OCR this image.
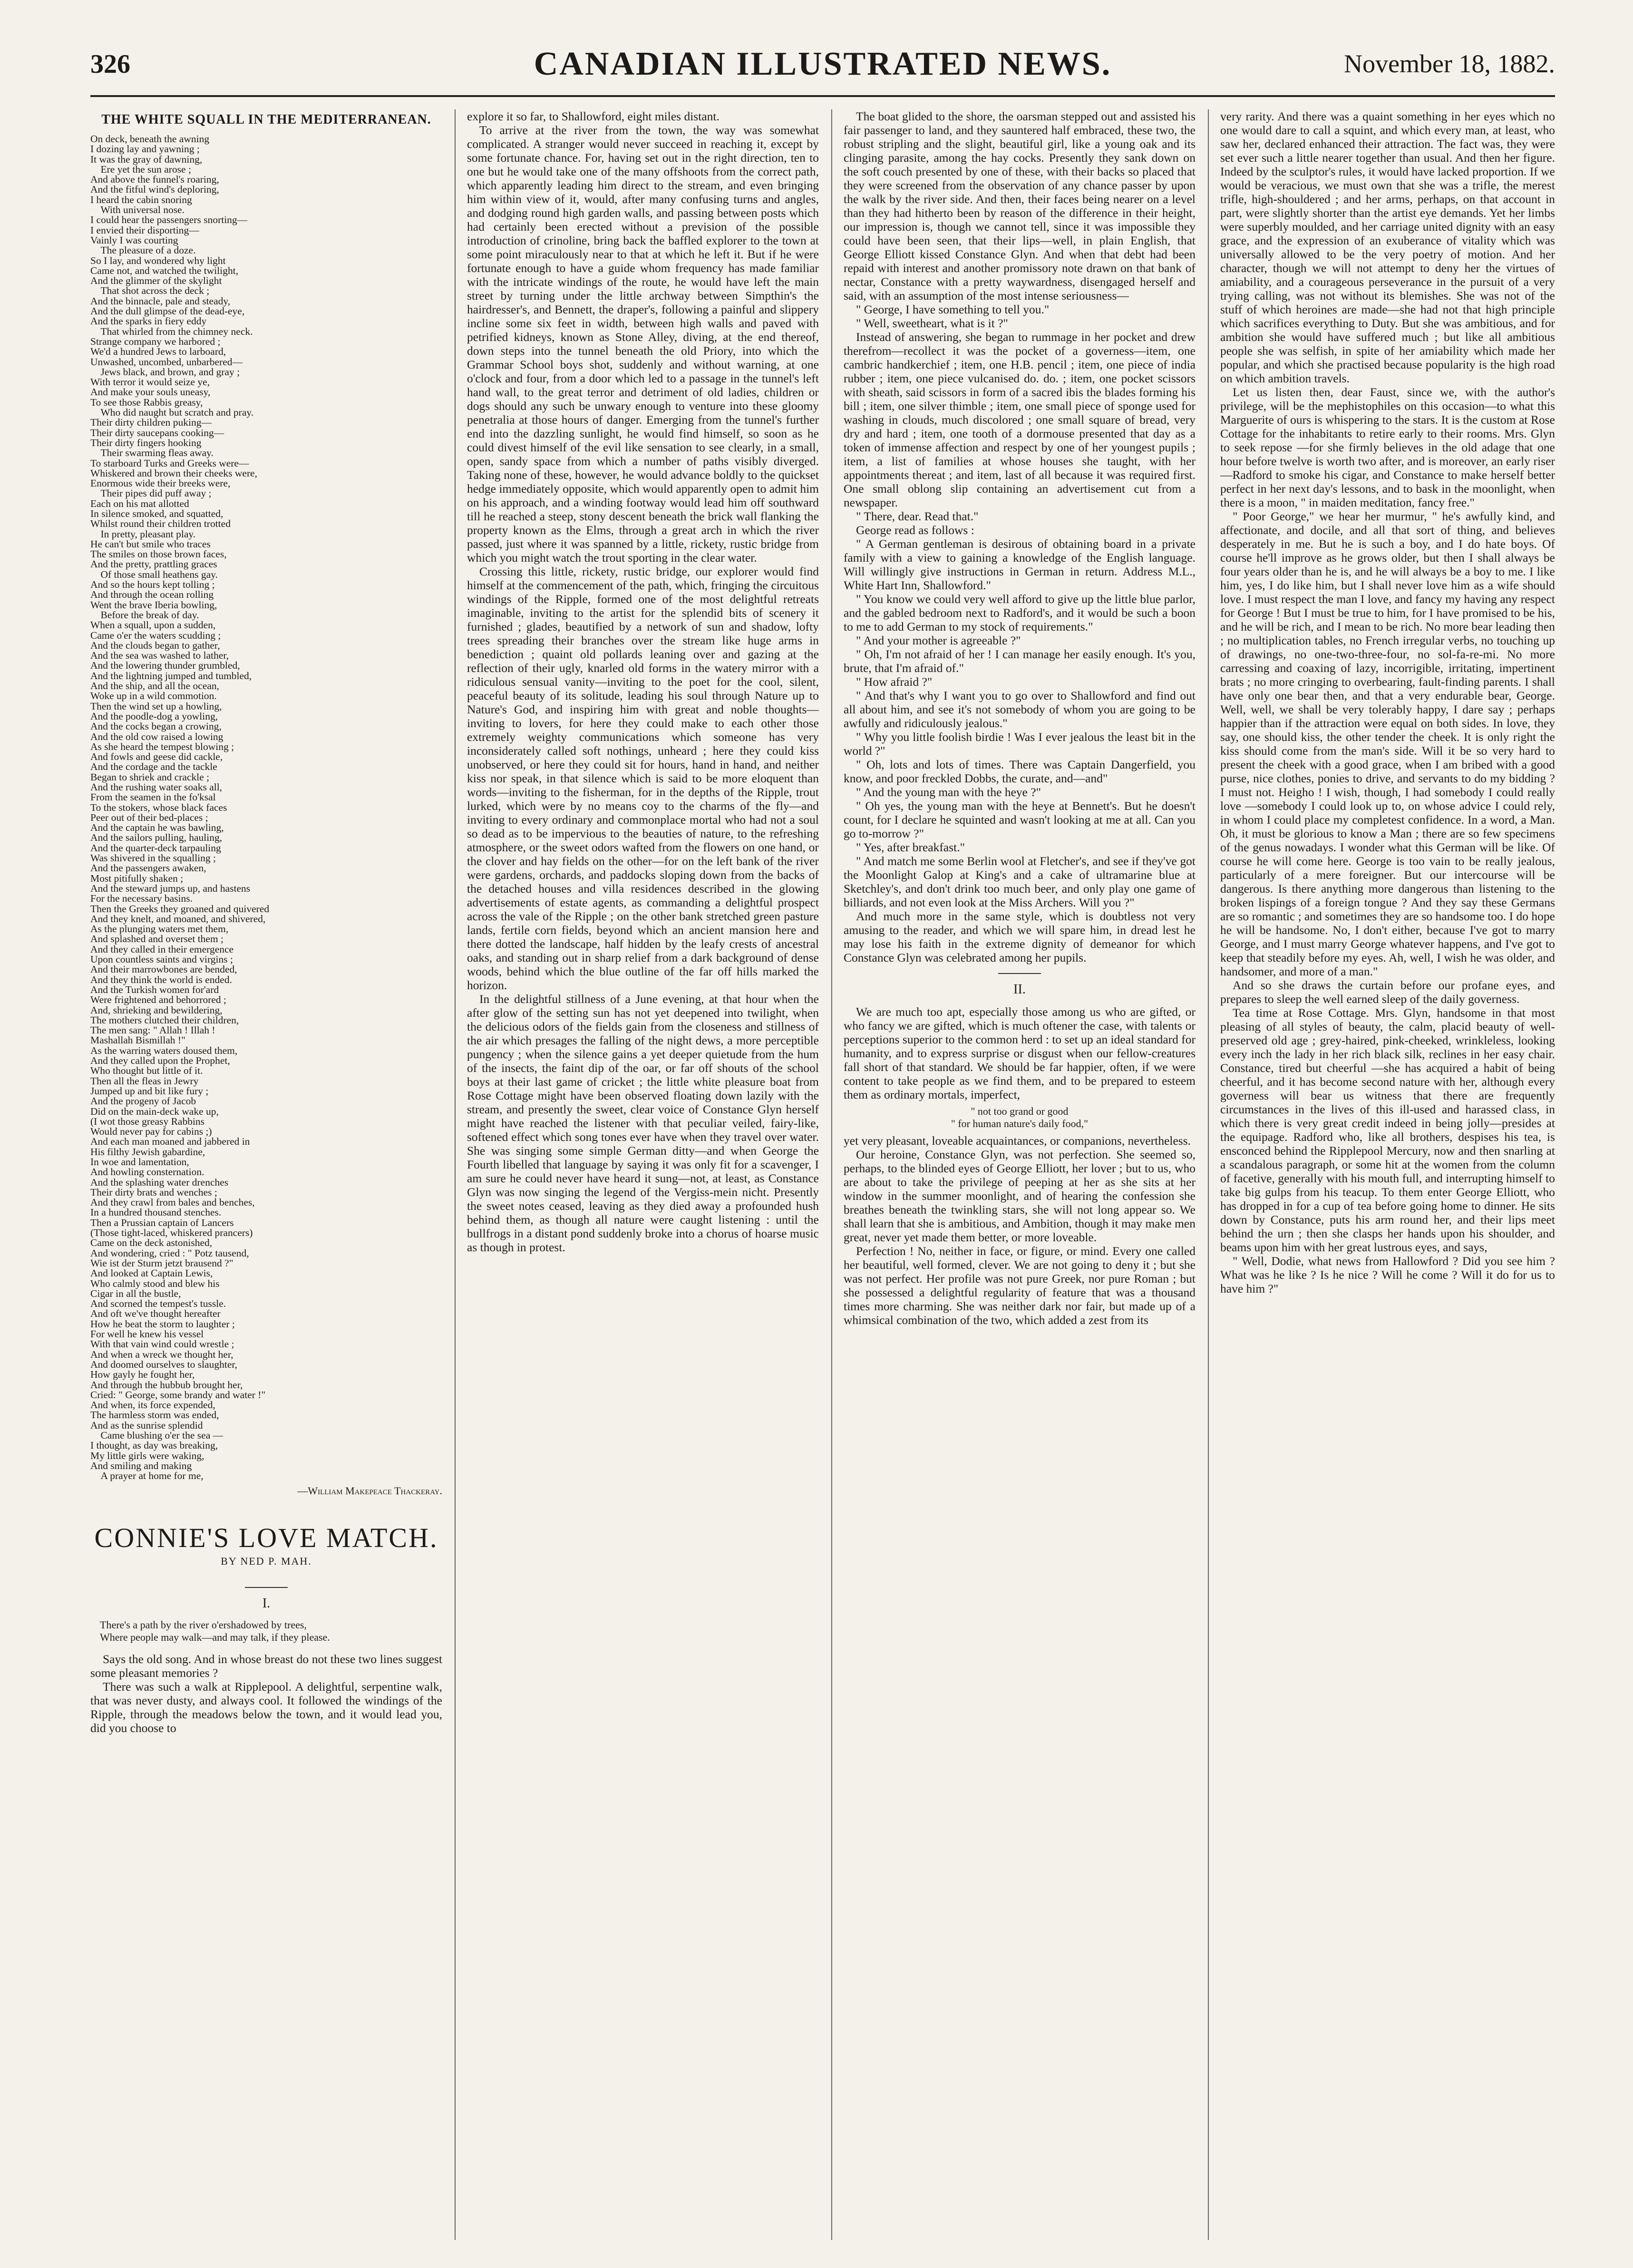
326	CANADIAN ILLUSTRATED NEWS.	November 18, 1882.
THE WHITE SQUALL IN THE MEDITERRANEAN.
On deck, beneath the awning
I dozing lay and yawning ;
It was the gray of dawning,
Ere yet the sun arose ;
And above the funnel's roaring,
And the fitful wind's deploring,
I heard the cabin snoring
With universal nose.
I could hear the passengers snorting—
I envied their disporting—
Vainly I was courting
The pleasure of a doze.
So I lay, and wondered why light
Came not, and watched the twilight,
And the glimmer of the skylight
That shot across the deck ;
And the binnacle, pale and steady,
And the dull glimpse of the dead-eye,
And the sparks in fiery eddy
That whirled from the chimney neck.
Strange company we harbored ;
We'd a hundred Jews to larboard,
Unwashed, uncombed, unbarbered—
Jews black, and brown, and gray ;
With terror it would seize ye,
And make your souls uneasy,
To see those Rabbis greasy,
Who did naught but scratch and pray.
Their dirty children puking—
Their dirty saucepans cooking—
Their dirty fingers hooking
Their swarming fleas away.
To starboard Turks and Greeks were—
Whiskered and brown their cheeks were,
Enormous wide their breeks were,
Their pipes did puff away ;
Each on his mat allotted
In silence smoked, and squatted,
Whilst round their children trotted
In pretty, pleasant play.
He can't but smile who traces
The smiles on those brown faces,
And the pretty, prattling graces
Of those small heathens gay.
And so the hours kept tolling ;
And through the ocean rolling
Went the brave Iberia bowling,
Before the break of day.
When a squall, upon a sudden,
Came o'er the waters scudding ;
And the clouds began to gather,
And the sea was washed to lather,
And the lowering thunder grumbled,
And the lightning jumped and tumbled,
And the ship, and all the ocean,
Woke up in a wild commotion.
Then the wind set up a howling,
And the poodle-dog a yowling,
And the cocks began a crowing,
And the old cow raised a lowing
As she heard the tempest blowing ;
And fowls and geese did cackle,
And the cordage and the tackle
Began to shriek and crackle ;
And the rushing water soaks all,
From the seamen in the fo'ksal
To the stokers, whose black faces
Peer out of their bed-places ;
And the captain he was bawling,
And the sailors pulling, hauling,
And the quarter-deck tarpauling
Was shivered in the squalling ;
And the passengers awaken,
Most pitifully shaken ;
And the steward jumps up, and hastens
For the necessary basins.
Then the Greeks they groaned and quivered
And they knelt, and moaned, and shivered,
As the plunging waters met them,
And splashed and overset them ;
And they called in their emergence
Upon countless saints and virgins ;
And their marrowbones are bended,
And they think the world is ended.
And the Turkish women for'ard
Were frightened and behorrored ;
And, shrieking and bewildering,
The mothers clutched their children,
The men sang: " Allah ! Illah !
Mashallah Bismillah !"
As the warring waters doused them,
And they called upon the Prophet,
Who thought but little of it.
Then all the fleas in Jewry
Jumped up and bit like fury ;
And the progeny of Jacob
Did on the main-deck wake up,
(I wot those greasy Rabbins
Would never pay for cabins ;)
And each man moaned and jabbered in
His filthy Jewish gabardine,
In woe and lamentation,
And howling consternation.
And the splashing water drenches
Their dirty brats and wenches ;
And they crawl from bales and benches,
In a hundred thousand stenches.
Then a Prussian captain of Lancers
(Those tight-laced, whiskered prancers)
Came on the deck astonished,
And wondering, cried : " Potz tausend,
Wie ist der Sturm jetzt brausend ?"
And looked at Captain Lewis,
Who calmly stood and blew his
Cigar in all the bustle,
And scorned the tempest's tussle.
And oft we've thought hereafter
How he beat the storm to laughter ;
For well he knew his vessel
With that vain wind could wrestle ;
And when a wreck we thought her,
And doomed ourselves to slaughter,
How gayly he fought her,
And through the hubbub brought her,
Cried: " George, some brandy and water !"
And when, its force expended,
The harmless storm was ended,
And as the sunrise splendid
Came blushing o'er the sea —
I thought, as day was breaking,
My little girls were waking,
And smiling and making
A prayer at home for me,
—William Makepeace Thackeray.
CONNIE'S LOVE MATCH.
BY NED P. MAH.
I.
There's a path by the river o'ershadowed by trees,
Where people may walk—and may talk, if they please.

Says the old song. And in whose breast do not these two lines suggest some pleasant memories ?

There was such a walk at Ripplepool. A delightful, serpentine walk, that was never dusty, and always cool. It followed the windings of the Ripple, through the meadows below the town, and it would lead you, did you choose to

explore it so far, to Shallowford, eight miles distant.

To arrive at the river from the town, the way was somewhat complicated. A stranger would never succeed in reaching it, except by some fortunate chance. For, having set out in the right direction, ten to one but he would take one of the many offshoots from the correct path, which apparently leading him direct to the stream, and even bringing him within view of it, would, after many confusing turns and angles, and dodging round high garden walls, and passing between posts which had certainly been erected without a prevision of the possible introduction of crinoline, bring back the baffled explorer to the town at some point miraculously near to that at which he left it. But if he were fortunate enough to have a guide whom frequency has made familiar with the intricate windings of the route, he would have left the main street by turning under the little archway between Simpthin's the hairdresser's, and Bennett, the draper's, following a painful and slippery incline some six feet in width, between high walls and paved with petrified kidneys, known as Stone Alley, diving, at the end thereof, down steps into the tunnel beneath the old Priory, into which the Grammar School boys shot, suddenly and without warning, at one o'clock and four, from a door which led to a passage in the tunnel's left hand wall, to the great terror and detriment of old ladies, children or dogs should any such be unwary enough to venture into these gloomy penetralia at those hours of danger. Emerging from the tunnel's further end into the dazzling sunlight, he would find himself, so soon as he could divest himself of the evil like sensation to see clearly, in a small, open, sandy space from which a number of paths visibly diverged. Taking none of these, however, he would advance boldly to the quickset hedge immediately opposite, which would apparently open to admit him on his approach, and a winding footway would lead him off southward till he reached a steep, stony descent beneath the brick wall flanking the property known as the Elms, through a great arch in which the river passed, just where it was spanned by a little, rickety, rustic bridge from which you might watch the trout sporting in the clear water.

Crossing this little, rickety, rustic bridge, our explorer would find himself at the commencement of the path, which, fringing the circuitous windings of the Ripple, formed one of the most delightful retreats imaginable, inviting to the artist for the splendid bits of scenery it furnished ; glades, beautified by a network of sun and shadow, lofty trees spreading their branches over the stream like huge arms in benediction ; quaint old pollards leaning over and gazing at the reflection of their ugly, knarled old forms in the watery mirror with a ridiculous sensual vanity—inviting to the poet for the cool, silent, peaceful beauty of its solitude, leading his soul through Nature up to Nature's God, and inspiring him with great and noble thoughts—inviting to lovers, for here they could make to each other those extremely weighty communications which someone has very inconsiderately called soft nothings, unheard ; here they could kiss unobserved, or here they could sit for hours, hand in hand, and neither kiss nor speak, in that silence which is said to be more eloquent than words—inviting to the fisherman, for in the depths of the Ripple, trout lurked, which were by no means coy to the charms of the fly—and inviting to every ordinary and commonplace mortal who had not a soul so dead as to be impervious to the beauties of nature, to the refreshing atmosphere, or the sweet odors wafted from the flowers on one hand, or the clover and hay fields on the other—for on the left bank of the river were gardens, orchards, and paddocks sloping down from the backs of the detached houses and villa residences described in the glowing advertisements of estate agents, as commanding a delightful prospect across the vale of the Ripple ; on the other bank stretched green pasture lands, fertile corn fields, beyond which an ancient mansion here and there dotted the landscape, half hidden by the leafy crests of ancestral oaks, and standing out in sharp relief from a dark background of dense woods, behind which the blue outline of the far off hills marked the horizon.

In the delightful stillness of a June evening, at that hour when the after glow of the setting sun has not yet deepened into twilight, when the delicious odors of the fields gain from the closeness and stillness of the air which presages the falling of the night dews, a more perceptible pungency ; when the silence gains a yet deeper quietude from the hum of the insects, the faint dip of the oar, or far off shouts of the school boys at their last game of cricket ; the little white pleasure boat from Rose Cottage might have been observed floating down lazily with the stream, and presently the sweet, clear voice of Constance Glyn herself might have reached the listener with that peculiar veiled, fairy-like, softened effect which song tones ever have when they travel over water. She was singing some simple German ditty—and when George the Fourth libelled that language by saying it was only fit for a scavenger, I am sure he could never have heard it sung—not, at least, as Constance Glyn was now singing the legend of the Vergiss-mein nicht. Presently the sweet notes ceased, leaving as they died away a profounded hush behind them, as though all nature were caught listening : until the bullfrogs in a distant pond suddenly broke into a chorus of hoarse music as though in protest.

The boat glided to the shore, the oarsman stepped out and assisted his fair passenger to land, and they sauntered half embraced, these two, the robust stripling and the slight, beautiful girl, like a young oak and its clinging parasite, among the hay cocks. Presently they sank down on the soft couch presented by one of these, with their backs so placed that they were screened from the observation of any chance passer by upon the walk by the river side. And then, their faces being nearer on a level than they had hitherto been by reason of the difference in their height, our impression is, though we cannot tell, since it was impossible they could have been seen, that their lips—well, in plain English, that George Elliott kissed Constance Glyn. And when that debt had been repaid with interest and another promissory note drawn on that bank of nectar, Constance with a pretty waywardness, disengaged herself and said, with an assumption of the most intense seriousness—

" George, I have something to tell you."

" Well, sweetheart, what is it ?"

Instead of answering, she began to rummage in her pocket and drew therefrom—recollect it was the pocket of a governess—item, one cambric handkerchief ; item, one H.B. pencil ; item, one piece of india rubber ; item, one piece vulcanised do. do. ; item, one pocket scissors with sheath, said scissors in form of a sacred ibis the blades forming his bill ; item, one silver thimble ; item, one small piece of sponge used for washing in clouds, much discolored ; one small square of bread, very dry and hard ; item, one tooth of a dormouse presented that day as a token of immense affection and respect by one of her youngest pupils ; item, a list of families at whose houses she taught, with her appointments thereat ; and item, last of all because it was required first. One small oblong slip containing an advertisement cut from a newspaper.

" There, dear. Read that."

George read as follows :

" A German gentleman is desirous of obtaining board in a private family with a view to gaining a knowledge of the English language. Will willingly give instructions in German in return. Address M.L., White Hart Inn, Shallowford."

" You know we could very well afford to give up the little blue parlor, and the gabled bedroom next to Radford's, and it would be such a boon to me to add German to my stock of requirements."

" And your mother is agreeable ?"

" Oh, I'm not afraid of her ! I can manage her easily enough. It's you, brute, that I'm afraid of."

" How afraid ?"

" And that's why I want you to go over to Shallowford and find out all about him, and see it's not somebody of whom you are going to be awfully and ridiculously jealous."

" Why you little foolish birdie ! Was I ever jealous the least bit in the world ?"

" Oh, lots and lots of times. There was Captain Dangerfield, you know, and poor freckled Dobbs, the curate, and—and"

" And the young man with the heye ?"

" Oh yes, the young man with the heye at Bennett's. But he doesn't count, for I declare he squinted and wasn't looking at me at all. Can you go to-morrow ?"

" Yes, after breakfast."

" And match me some Berlin wool at Fletcher's, and see if they've got the Moonlight Galop at King's and a cake of ultramarine blue at Sketchley's, and don't drink too much beer, and only play one game of billiards, and not even look at the Miss Archers. Will you ?"

And much more in the same style, which is doubtless not very amusing to the reader, and which we will spare him, in dread lest he may lose his faith in the extreme dignity of demeanor for which Constance Glyn was celebrated among her pupils.

II.

We are much too apt, especially those among us who are gifted, or who fancy we are gifted, which is much oftener the case, with talents or perceptions superior to the common herd : to set up an ideal standard for humanity, and to express surprise or disgust when our fellow-creatures fall short of that standard. We should be far happier, often, if we were content to take people as we find them, and to be prepared to esteem them as ordinary mortals, imperfect,

" not too grand or good
" for human nature's daily food,"

yet very pleasant, loveable acquaintances, or companions, nevertheless.

Our heroine, Constance Glyn, was not perfection. She seemed so, perhaps, to the blinded eyes of George Elliott, her lover ; but to us, who are about to take the privilege of peeping at her as she sits at her window in the summer moonlight, and of hearing the confession she breathes beneath the twinkling stars, she will not long appear so. We shall learn that she is ambitious, and Ambition, though it may make men great, never yet made them better, or more loveable.

Perfection ! No, neither in face, or figure, or mind. Every one called her beautiful, well formed, clever. We are not going to deny it ; but she was not perfect. Her profile was not pure Greek, nor pure Roman ; but she possessed a delightful regularity of feature that was a thousand times more charming. She was neither dark nor fair, but made up of a whimsical combination of the two, which added a zest from its

very rarity. And there was a quaint something in her eyes which no one would dare to call a squint, and which every man, at least, who saw her, declared enhanced their attraction. The fact was, they were set ever such a little nearer together than usual. And then her figure. Indeed by the sculptor's rules, it would have lacked proportion. If we would be veracious, we must own that she was a trifle, the merest trifle, high-shouldered ; and her arms, perhaps, on that account in part, were slightly shorter than the artist eye demands. Yet her limbs were superbly moulded, and her carriage united dignity with an easy grace, and the expression of an exuberance of vitality which was universally allowed to be the very poetry of motion. And her character, though we will not attempt to deny her the virtues of amiability, and a courageous perseverance in the pursuit of a very trying calling, was not without its blemishes. She was not of the stuff of which heroines are made—she had not that high principle which sacrifices everything to Duty. But she was ambitious, and for ambition she would have suffered much ; but like all ambitious people she was selfish, in spite of her amiability which made her popular, and which she practised because popularity is the high road on which ambition travels.

Let us listen then, dear Faust, since we, with the author's privilege, will be the mephistophiles on this occasion—to what this Marguerite of ours is whispering to the stars. It is the custom at Rose Cottage for the inhabitants to retire early to their rooms. Mrs. Glyn to seek repose —for she firmly believes in the old adage that one hour before twelve is worth two after, and is moreover, an early riser—Radford to smoke his cigar, and Constance to make herself better perfect in her next day's lessons, and to bask in the moonlight, when there is a moon, " in maiden meditation, fancy free."

" Poor George," we hear her murmur, " he's awfully kind, and affectionate, and docile, and all that sort of thing, and believes desperately in me. But he is such a boy, and I do hate boys. Of course he'll improve as he grows older, but then I shall always be four years older than he is, and he will always be a boy to me. I like him, yes, I do like him, but I shall never love him as a wife should love. I must respect the man I love, and fancy my having any respect for George ! But I must be true to him, for I have promised to be his, and he will be rich, and I mean to be rich. No more bear leading then ; no multiplication tables, no French irregular verbs, no touching up of drawings, no one-two-three-four, no sol-fa-re-mi. No more carressing and coaxing of lazy, incorrigible, irritating, impertinent brats ; no more cringing to overbearing, fault-finding parents. I shall have only one bear then, and that a very endurable bear, George. Well, well, we shall be very tolerably happy, I dare say ; perhaps happier than if the attraction were equal on both sides. In love, they say, one should kiss, the other tender the cheek. It is only right the kiss should come from the man's side. Will it be so very hard to present the cheek with a good grace, when I am bribed with a good purse, nice clothes, ponies to drive, and servants to do my bidding ? I must not. Heigho ! I wish, though, I had somebody I could really love —somebody I could look up to, on whose advice I could rely, in whom I could place my completest confidence. In a word, a Man. Oh, it must be glorious to know a Man ; there are so few specimens of the genus nowadays. I wonder what this German will be like. Of course he will come here. George is too vain to be really jealous, particularly of a mere foreigner. But our intercourse will be dangerous. Is there anything more dangerous than listening to the broken lispings of a foreign tongue ? And they say these Germans are so romantic ; and sometimes they are so handsome too. I do hope he will be handsome. No, I don't either, because I've got to marry George, and I must marry George whatever happens, and I've got to keep that steadily before my eyes. Ah, well, I wish he was older, and handsomer, and more of a man."

And so she draws the curtain before our profane eyes, and prepares to sleep the well earned sleep of the daily governess.

Tea time at Rose Cottage. Mrs. Glyn, handsome in that most pleasing of all styles of beauty, the calm, placid beauty of well-preserved old age ; grey-haired, pink-cheeked, wrinkleless, looking every inch the lady in her rich black silk, reclines in her easy chair. Constance, tired but cheerful —she has acquired a habit of being cheerful, and it has become second nature with her, although every governess will bear us witness that there are frequently circumstances in the lives of this ill-used and harassed class, in which there is very great credit indeed in being jolly—presides at the equipage. Radford who, like all brothers, despises his tea, is ensconced behind the Ripplepool Mercury, now and then snarling at a scandalous paragraph, or some hit at the women from the column of facetive, generally with his mouth full, and interrupting himself to take big gulps from his teacup. To them enter George Elliott, who has dropped in for a cup of tea before going home to dinner. He sits down by Constance, puts his arm round her, and their lips meet behind the urn ; then she clasps her hands upon his shoulder, and beams upon him with her great lustrous eyes, and says,

" Well, Dodie, what news from Hallowford ? Did you see him ? What was he like ? Is he nice ? Will he come ? Will it do for us to have him ?"
